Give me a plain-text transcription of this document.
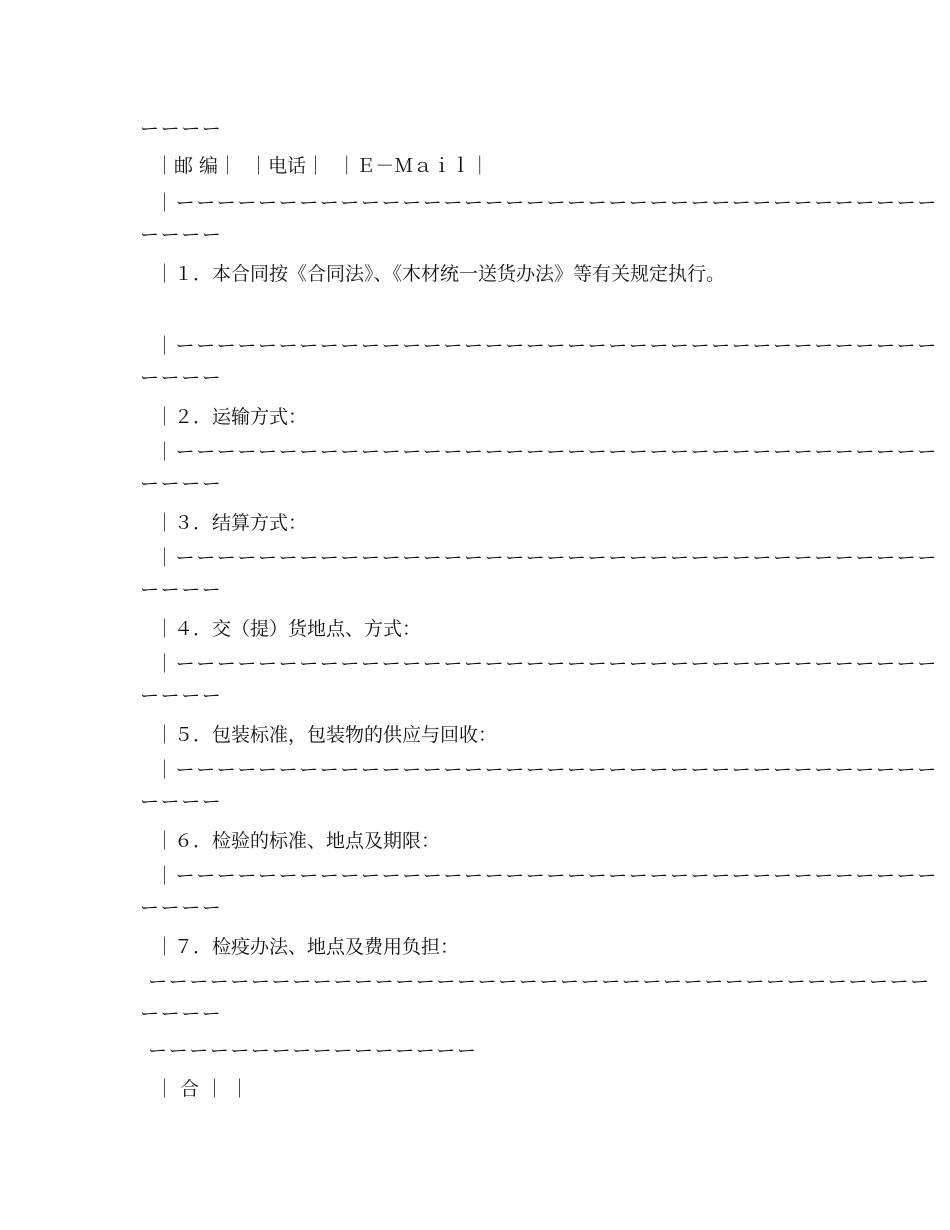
ーーーー
｜邮 编｜  ｜电话｜  ｜Ｅ－Ｍａｉｌ｜
｜ーーーーーーーーーーーーーーーーーーーーーーーーーーーーーーーーーーーーー
ーーーー
｜１．本合同按《合同法》、《木材统一送货办法》等有关规定执行。
｜ーーーーーーーーーーーーーーーーーーーーーーーーーーーーーーーーーーーーー
ーーーー
｜２．运输方式：
｜ーーーーーーーーーーーーーーーーーーーーーーーーーーーーーーーーーーーーー
ーーーー
｜３．结算方式：
｜ーーーーーーーーーーーーーーーーーーーーーーーーーーーーーーーーーーーーー
ーーーー
｜４．交（提）货地点、方式：
｜ーーーーーーーーーーーーーーーーーーーーーーーーーーーーーーーーーーーーー
ーーーー
｜５．包装标准，包装物的供应与回收：
｜ーーーーーーーーーーーーーーーーーーーーーーーーーーーーーーーーーーーーー
ーーーー
｜６．检验的标准、地点及期限：
｜ーーーーーーーーーーーーーーーーーーーーーーーーーーーーーーーーーーーーー
ーーーー
｜７．检疫办法、地点及费用负担：
ーーーーーーーーーーーーーーーーーーーーーーーーーーーーーーーーーーーーーー
ーーーー
ーーーーーーーーーーーーーーーー
｜ 合 ｜ ｜
